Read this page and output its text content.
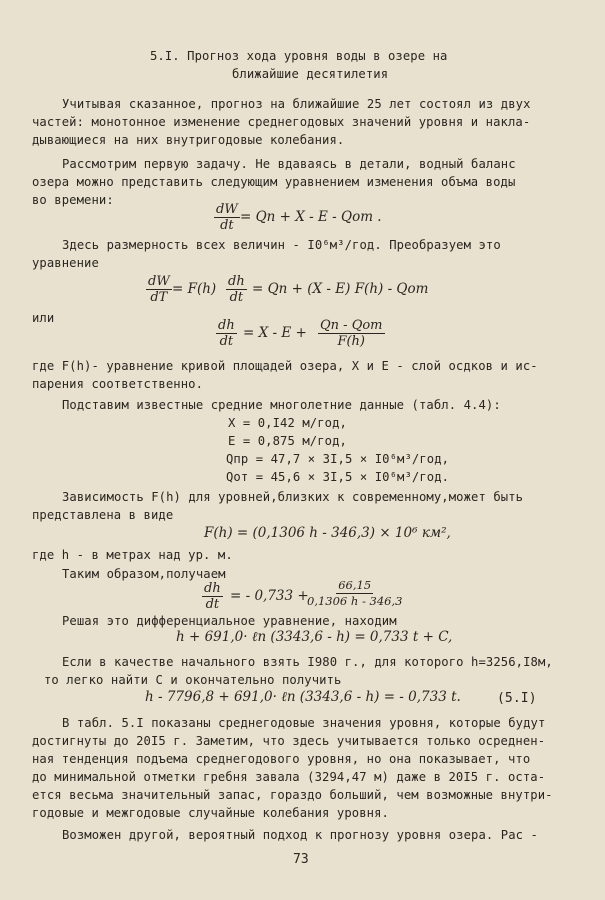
5.I. Прогноз хода уровня воды в озере на
ближайшие десятилетия
Учитывая сказанное, прогноз на ближайшие 25 лет состоял из двух
частей: монотонное изменение среднегодовых значений уровня и накла-
дывающиеся на них внутригодовые колебания.
Рассмотрим первую задачу. Не вдаваясь в детали, водный баланс
озера можно представить следующим уравнением изменения объма воды
во времени:
$\frac{dW}{dt}$ = Qп + X - E - Qот .
Здесь размерность всех величин - I0⁶м³/год. Преобразуем это
уравнение
$\frac{dW}{dT} = F(h) \frac{dh}{dt}$ = Qп + (X - E) F(h) - Qот
или	$\frac{dh}{dt} = X - E$ + Qп - Qот
F(h)
где F(h)- уравнение кривой площадей озера, X и E - слой осдков и ис-
парения соответственно.
Подставим известные средние многолетние данные (табл. 4.4):
X = 0,I42 м/год,
E = 0,875 м/год,
Qпр = 47,7 × 3I,5 × I0⁶м³/год,
Qот = 45,6 × 3I,5 × I0⁶м³/год.
Зависимость F(h) для уровней,близких к современному,может быть
представлена в виде
F(h) = (0,1306 h - 346,3) × 10⁶ км²,
где h - в метрах над ур. м.
Таким образом,получаем
$\frac{dh}{dt}$ = - 0,733 +
$\frac{66,15}{0,1306 h - 346,3}$
Решая это дифференциальное уравнение, находим
h + 691,0· ℓn (3343,6 - h) = 0,733 t + C,
Если в качестве начального взять I980 г., для которого h=3256,I8м,
то легко найти C и окончательно получить
h - 7796,8 + 691,0· ℓn (3343,6 - h) = - 0,733 t.	(5.I)
В табл. 5.I показаны среднегодовые значения уровня, которые будут
достигнуты до 20I5 г. Заметим, что здесь учитывается только осреднен-
ная тенденция подъема среднегодового уровня, но она показывает, что
до минимальной отметки гребня завала (3294,47 м) даже в 20I5 г. оста-
ется весьма значительный запас, гораздо больший, чем возможные внутри-
годовые и межгодовые случайные колебания уровня.
Возможен другой, вероятный подход к прогнозу уровня озера. Рас -
73
